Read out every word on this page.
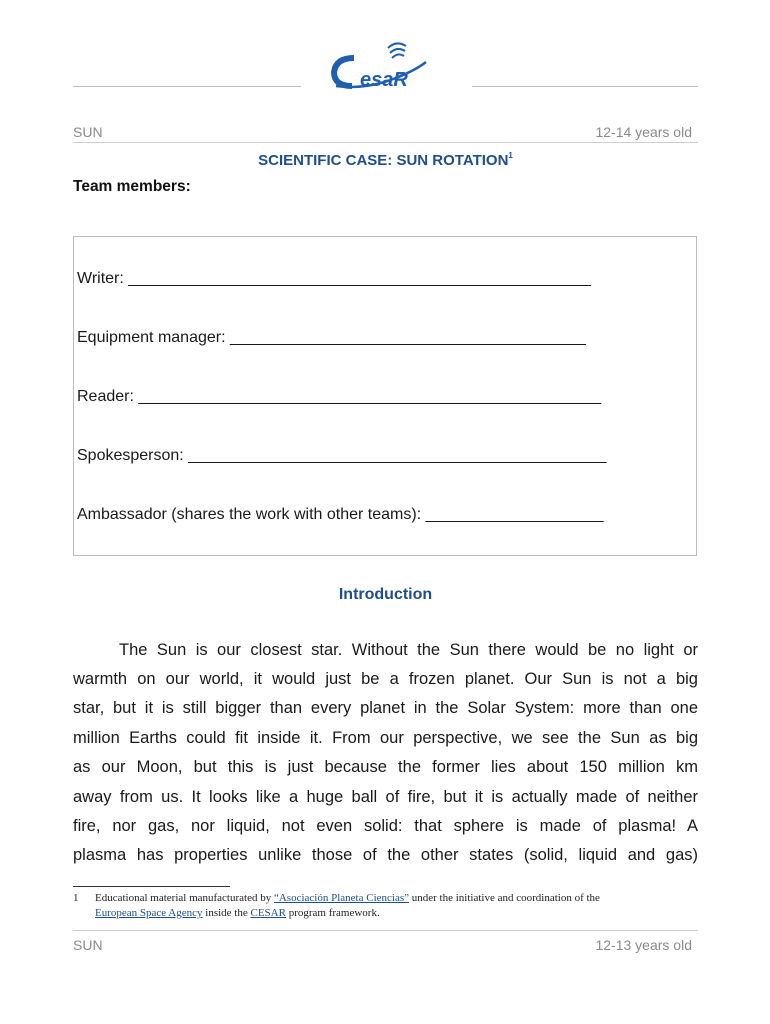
esaR
SUN	12-14 years old
SCIENTIFIC CASE: SUN ROTATION$^1$
Team members:
Writer: ____________________________________________________
Equipment manager: ________________________________________
Reader: ____________________________________________________
Spokesperson: _______________________________________________
Ambassador (shares the work with other teams): ____________________
Introduction
The Sun is our closest star. Without the Sun there would be no light or
warmth on our world, it would just be a frozen planet. Our Sun is not a big
star, but it is still bigger than every planet in the Solar System: more than one
million Earths could fit inside it. From our perspective, we see the Sun as big
as our Moon, but this is just because the former lies about 150 million km
away from us. It looks like a huge ball of fire, but it is actually made of neither
fire, nor gas, nor liquid, not even solid: that sphere is made of plasma! A
plasma has properties unlike those of the other states (solid, liquid and gas)
1 Educational material manufacturated by “Asociación Planeta Ciencias” under the initiative and coordination of the
European Space Agency inside the CESAR program framework.
SUN	12-13 years old
